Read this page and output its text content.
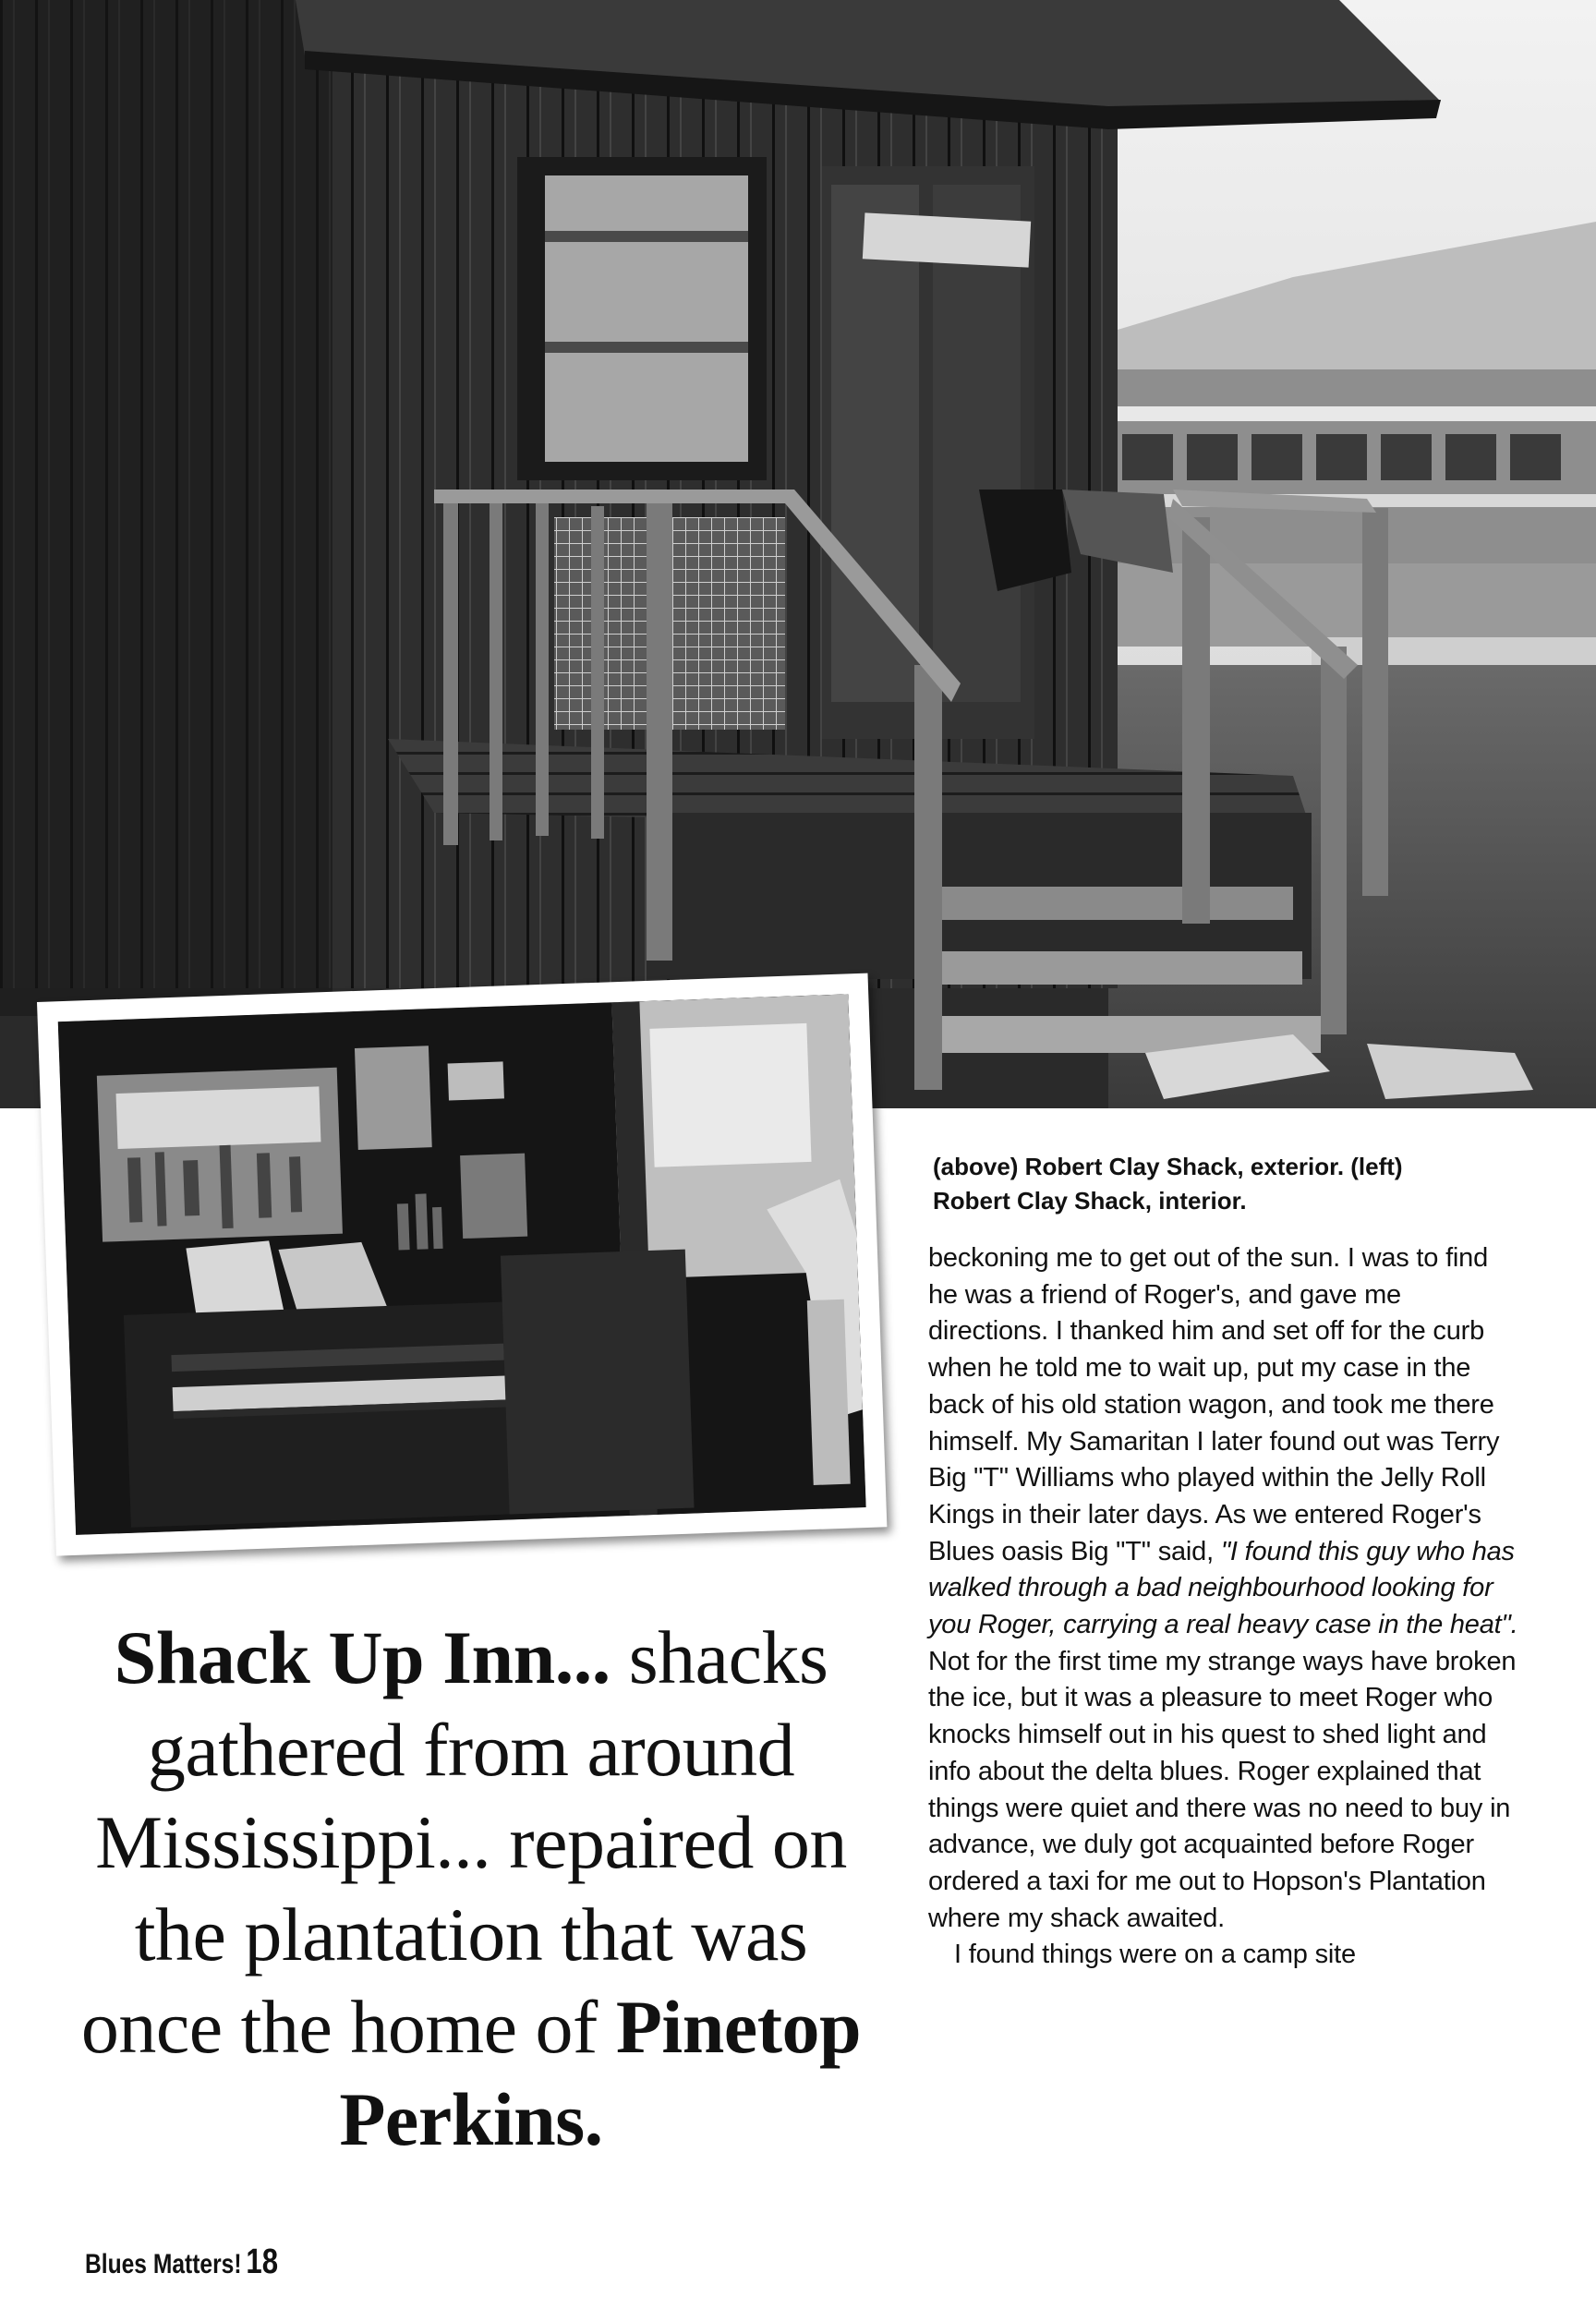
(above) Robert Clay Shack, exterior. (left)
Robert Clay Shack, interior.

beckoning me to get out of the sun. I was to find he was a friend of Roger's, and gave me directions. I thanked him and set off for the curb when he told me to wait up, put my case in the back of his old station wagon, and took me there himself. My Samaritan I later found out was Terry Big "T" Williams who played within the Jelly Roll Kings in their later days. As we entered Roger's Blues oasis Big "T" said, "I found this guy who has walked through a bad neighbourhood looking for you Roger, carrying a real heavy case in the heat". Not for the first time my strange ways have broken the ice, but it was a pleasure to meet Roger who knocks himself out in his quest to shed light and info about the delta blues. Roger explained that things were quiet and there was no need to buy in advance, we duly got acquainted before Roger ordered a taxi for me out to Hopson's Plantation where my shack awaited.

I found things were on a camp site

Shack Up Inn... shacks gathered from around Mississippi... repaired on the plantation that was once the home of Pinetop Perkins.
Blues Matters! 18
